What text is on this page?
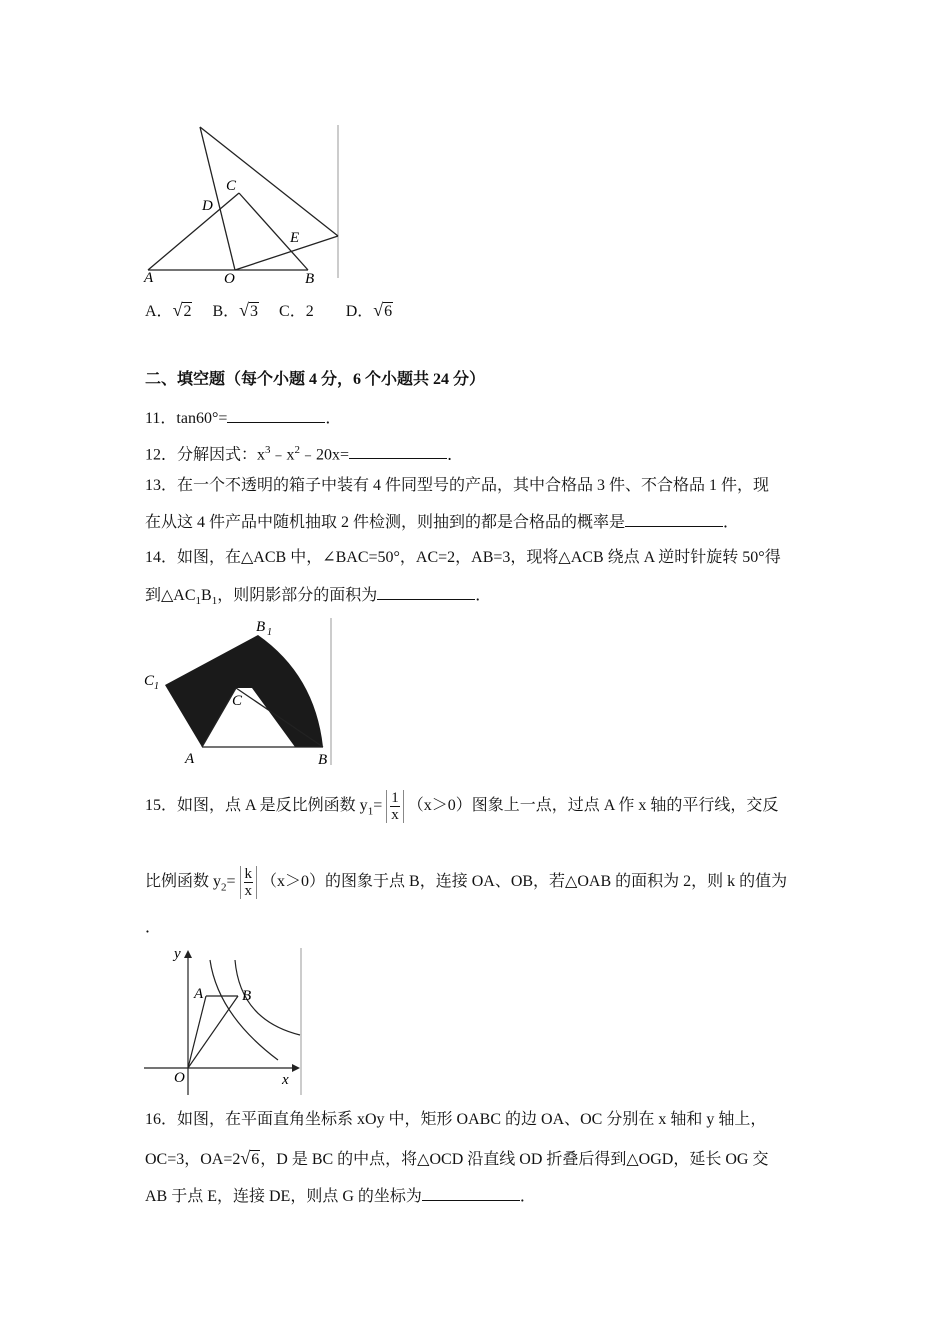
A	O	B
C
D
E
A．√2 B．√3 C．2 D．√6
二、填空题（每个小题 4 分，6 个小题共 24 分）
11．tan60°=	．
12．分解因式：$x^3﹣x^2﹣20x=$	．
13．在一个不透明的箱子中装有 4 件同型号的产品，其中合格品 3 件、不合格品 1 件，现
在从这 4 件产品中随机抽取 2 件检测，则抽到的都是合格品的概率是	．
14．如图，在△ACB 中，∠BAC=50°，AC=2，AB=3，现将△ACB 绕点 A 逆时针旋转 50°得
到$\triangle AC_1B_1$，则阴影部分的面积为	．
B 1
C 1
C
A	B
15．如图，点 A 是反比例函数 $y_1= \frac{1}{x} (x>0)$图象上一点，过点 A 作 x 轴的平行线，交反
比例函数 $y_2= \frac{k}{x} (x>0)$的图象于点 B，连接 OA、OB，若△OAB 的面积为 2，则 k 的值为
．
y
A	B
O	x
16．如图，在平面直角坐标系 xOy 中，矩形 OABC 的边 OA、OC 分别在 x 轴和 y 轴上，
OC=3，OA=2√6，D 是 BC 的中点，将△OCD 沿直线 OD 折叠后得到△OGD，延长 OG 交
AB 于点 E，连接 DE，则点 G 的坐标为	．
